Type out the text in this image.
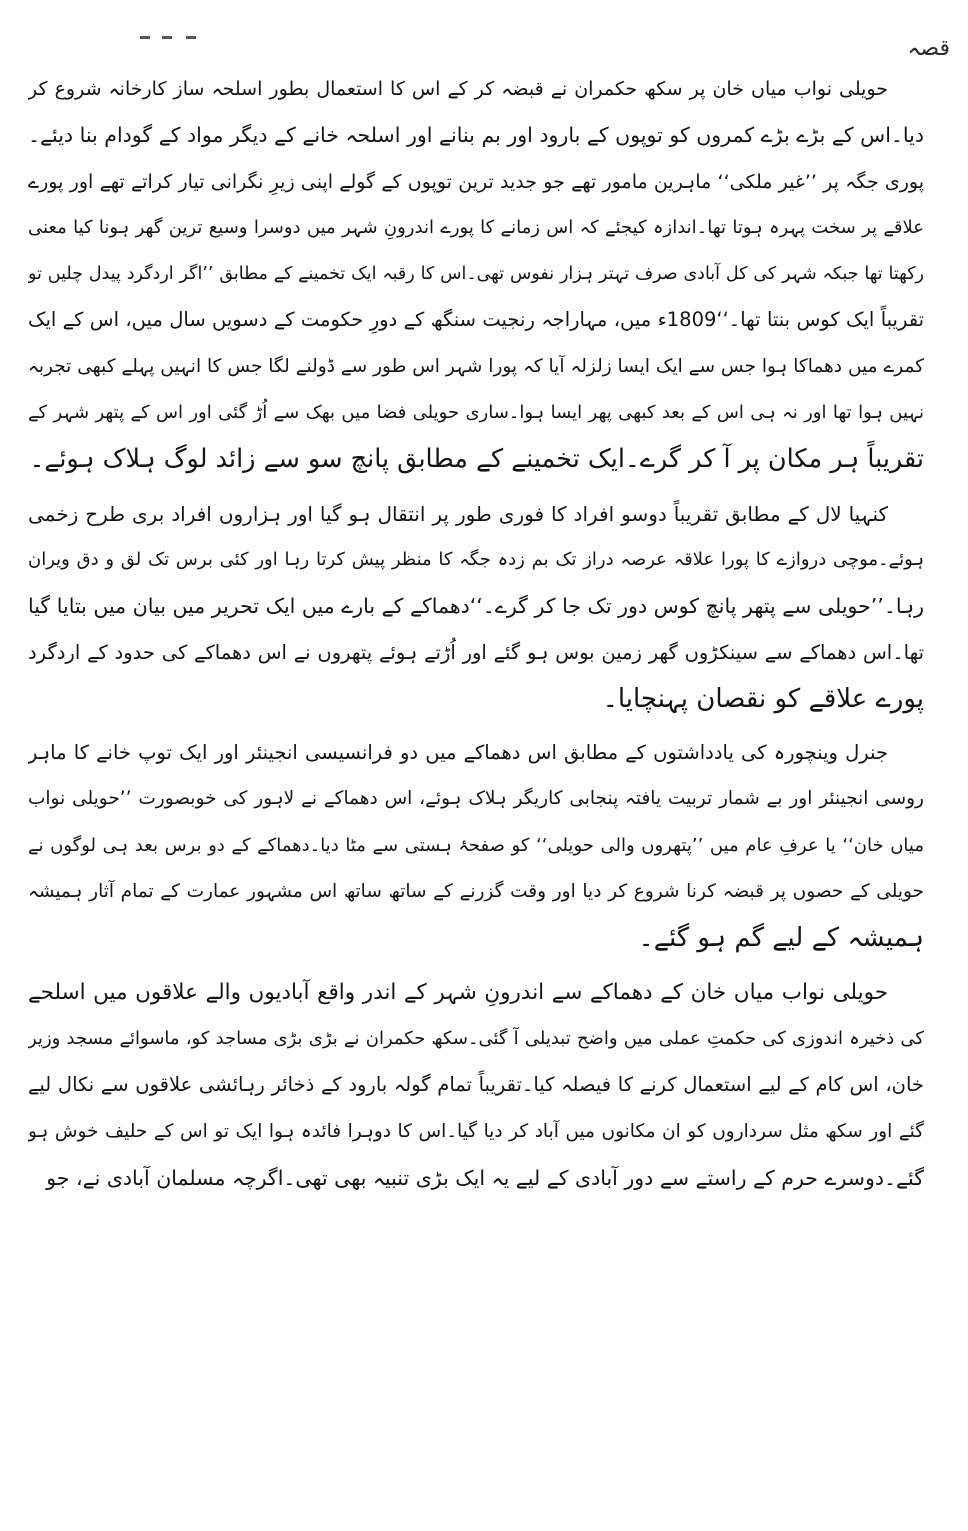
قصہ
حویلی نواب میاں خان پر سکھ حکمران نے قبضہ کر کے اس کا استعمال بطور اسلحہ ساز کارخانہ شروع کر
دیا۔اس کے بڑے بڑے کمروں کو توپوں کے بارود اور بم بنانے اور اسلحہ خانے کے دیگر مواد کے گودام بنا دیئے۔
پوری جگہ پر ’’غیر ملکی‘‘ ماہرین مامور تھے جو جدید ترین توپوں کے گولے اپنی زیرِ نگرانی تیار کراتے تھے اور پورے
علاقے پر سخت پہرہ ہوتا تھا۔اندازہ کیجئے کہ اس زمانے کا پورے اندرونِ شہر میں دوسرا وسیع ترین گھر ہونا کیا معنی
رکھتا تھا جبکہ شہر کی کل آبادی صرف تہتر ہزار نفوس تھی۔اس کا رقبہ ایک تخمینے کے مطابق ’’اگر اردگرد پیدل چلیں تو
تقریباً ایک کوس بنتا تھا۔‘‘1809ء میں، مہاراجہ رنجیت سنگھ کے دورِ حکومت کے دسویں سال میں، اس کے ایک
کمرے میں دھماکا ہوا جس سے ایک ایسا زلزلہ آیا کہ پورا شہر اس طور سے ڈولنے لگا جس کا انہیں پہلے کبھی تجربہ
نہیں ہوا تھا اور نہ ہی اس کے بعد کبھی پھر ایسا ہوا۔ساری حویلی فضا میں بھک سے اُڑ گئی اور اس کے پتھر شہر کے
تقریباً ہر مکان پر آ کر گرے۔ایک تخمینے کے مطابق پانچ سو سے زائد لوگ ہلاک ہوئے۔
کنہیا لال کے مطابق تقریباً دوسو افراد کا فوری طور پر انتقال ہو گیا اور ہزاروں افراد بری طرح زخمی
ہوئے۔موچی دروازے کا پورا علاقہ عرصہ دراز تک بم زدہ جگہ کا منظر پیش کرتا رہا اور کئی برس تک لق و دق ویران
رہا۔’’حویلی سے پتھر پانچ کوس دور تک جا کر گرے۔‘‘دھماکے کے بارے میں ایک تحریر میں بیان میں بتایا گیا
تھا۔اس دھماکے سے سینکڑوں گھر زمین بوس ہو گئے اور اُڑتے ہوئے پتھروں نے اس دھماکے کی حدود کے اردگرد
پورے علاقے کو نقصان پہنچایا۔
جنرل وینچورہ کی یادداشتوں کے مطابق اس دھماکے میں دو فرانسیسی انجینئر اور ایک توپ خانے کا ماہر
روسی انجینئر اور بے شمار تربیت یافتہ پنجابی کاریگر ہلاک ہوئے، اس دھماکے نے لاہور کی خوبصورت ’’حویلی نواب
میاں خان‘‘ یا عرفِ عام میں ’’پتھروں والی حویلی‘‘ کو صفحۂ ہستی سے مٹا دیا۔دھماکے کے دو برس بعد ہی لوگوں نے
حویلی کے حصوں پر قبضہ کرنا شروع کر دیا اور وقت گزرنے کے ساتھ ساتھ اس مشہور عمارت کے تمام آثار ہمیشہ
ہمیشہ کے لیے گم ہو گئے۔
حویلی نواب میاں خان کے دھماکے سے اندرونِ شہر کے اندر واقع آبادیوں والے علاقوں میں اسلحے
کی ذخیرہ اندوزی کی حکمتِ عملی میں واضح تبدیلی آ گئی۔سکھ حکمران نے بڑی بڑی مساجد کو، ماسوائے مسجد وزیر
خان، اس کام کے لیے استعمال کرنے کا فیصلہ کیا۔تقریباً تمام گولہ بارود کے ذخائر رہائشی علاقوں سے نکال لیے
گئے اور سکھ مثل سرداروں کو ان مکانوں میں آباد کر دیا گیا۔اس کا دوہرا فائدہ ہوا ایک تو اس کے حلیف خوش ہو
گئے۔دوسرے حرم کے راستے سے دور آبادی کے لیے یہ ایک بڑی تنبیہ بھی تھی۔اگرچہ مسلمان آبادی نے، جو
